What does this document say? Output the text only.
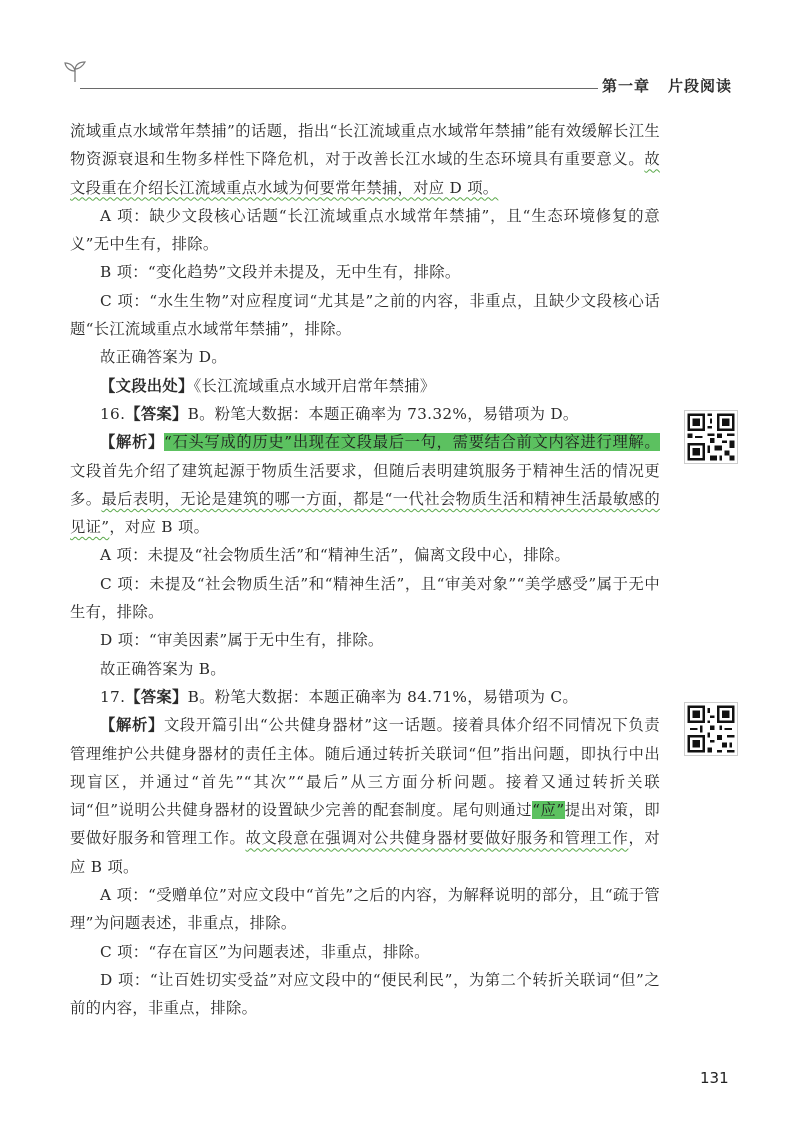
第一章 片段阅读

流域重点水域常年禁捕”的话题，指出“长江流域重点水域常年禁捕”能有效缓解长江生物资源衰退和生物多样性下降危机，对于改善长江水域的生态环境具有重要意义。故文段重在介绍长江流域重点水域为何要常年禁捕，对应 D 项。

A 项：缺少文段核心话题“长江流域重点水域常年禁捕”，且“生态环境修复的意义”无中生有，排除。

B 项：“变化趋势”文段并未提及，无中生有，排除。

C 项：“水生生物”对应程度词“尤其是”之前的内容，非重点，且缺少文段核心话题“长江流域重点水域常年禁捕”，排除。

故正确答案为 D。

【文段出处】《长江流域重点水域开启常年禁捕》

16.【答案】B。粉笔大数据：本题正确率为 73.32%，易错项为 D。

【解析】“石头写成的历史”出现在文段最后一句，需要结合前文内容进行理解。文段首先介绍了建筑起源于物质生活要求，但随后表明建筑服务于精神生活的情况更多。最后表明，无论是建筑的哪一方面，都是“一代社会物质生活和精神生活最敏感的见证”，对应 B 项。

A 项：未提及“社会物质生活”和“精神生活”，偏离文段中心，排除。

C 项：未提及“社会物质生活”和“精神生活”，且“审美对象”“美学感受”属于无中生有，排除。

D 项：“审美因素”属于无中生有，排除。

故正确答案为 B。

17.【答案】B。粉笔大数据：本题正确率为 84.71%，易错项为 C。

【解析】文段开篇引出“公共健身器材”这一话题。接着具体介绍不同情况下负责管理维护公共健身器材的责任主体。随后通过转折关联词“但”指出问题，即执行中出现盲区，并通过“首先”“其次”“最后”从三方面分析问题。接着又通过转折关联词“但”说明公共健身器材的设置缺少完善的配套制度。尾句则通过“应”提出对策，即要做好服务和管理工作。故文段意在强调对公共健身器材要做好服务和管理工作，对应 B 项。

A 项：“受赠单位”对应文段中“首先”之后的内容，为解释说明的部分，且“疏于管理”为问题表述，非重点，排除。

C 项：“存在盲区”为问题表述，非重点，排除。

D 项：“让百姓切实受益”对应文段中的“便民利民”，为第二个转折关联词“但”之前的内容，非重点，排除。

131
